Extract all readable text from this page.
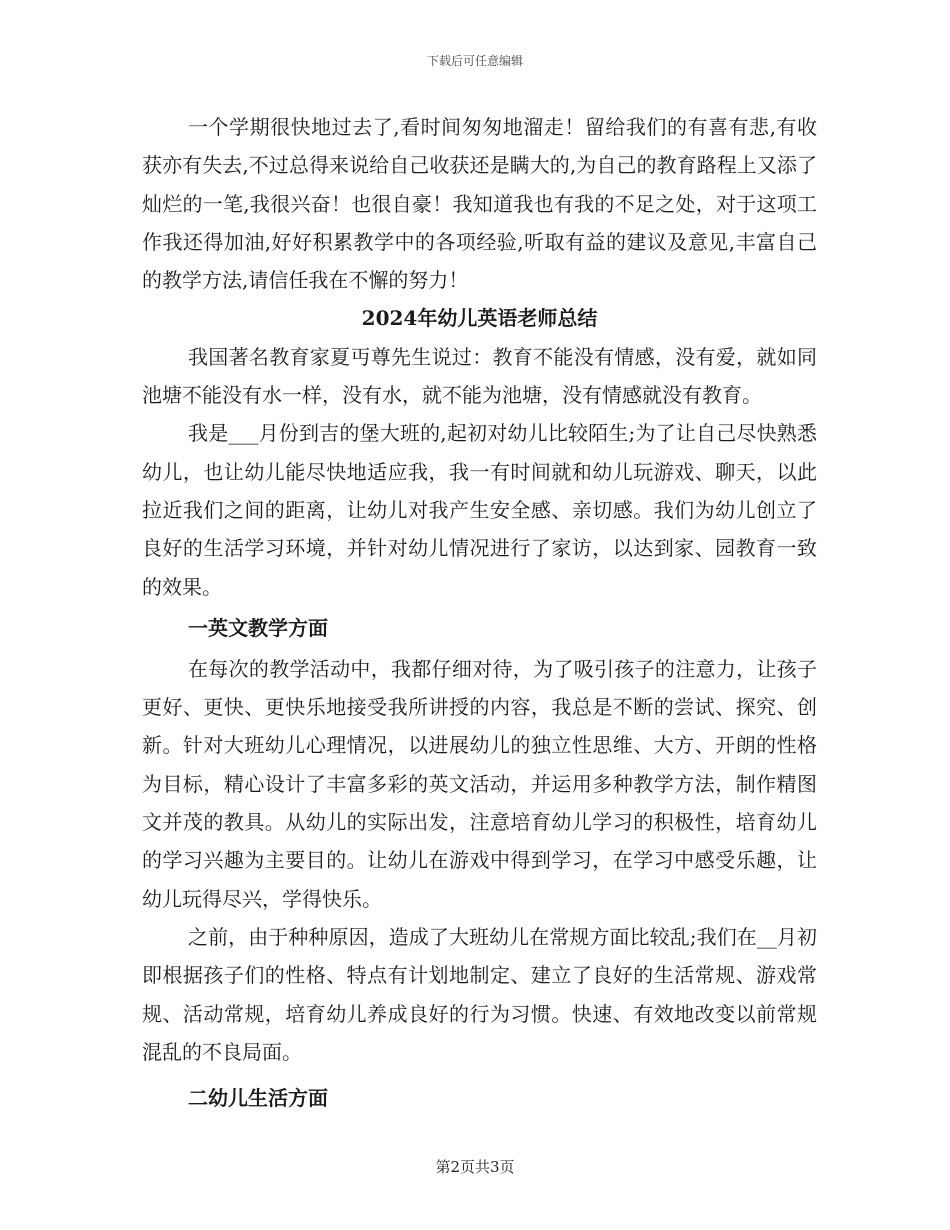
下载后可任意编辑

一个学期很快地过去了,看时间匆匆地溜走！留给我们的有喜有悲,有收获亦有失去,不过总得来说给自己收获还是瞒大的,为自己的教育路程上又添了灿烂的一笔,我很兴奋！也很自豪！我知道我也有我的不足之处，对于这项工作我还得加油,好好积累教学中的各项经验,听取有益的建议及意见,丰富自己的教学方法,请信任我在不懈的努力！

2024年幼儿英语老师总结

我国著名教育家夏丏尊先生说过：教育不能没有情感，没有爱，就如同池塘不能没有水一样，没有水，就不能为池塘，没有情感就没有教育。

我是___月份到吉的堡大班的,起初对幼儿比较陌生;为了让自己尽快熟悉幼儿，也让幼儿能尽快地适应我，我一有时间就和幼儿玩游戏、聊天，以此拉近我们之间的距离，让幼儿对我产生安全感、亲切感。我们为幼儿创立了良好的生活学习环境，并针对幼儿情况进行了家访，以达到家、园教育一致的效果。

一英文教学方面

在每次的教学活动中，我都仔细对待，为了吸引孩子的注意力，让孩子更好、更快、更快乐地接受我所讲授的内容，我总是不断的尝试、探究、创新。针对大班幼儿心理情况，以进展幼儿的独立性思维、大方、开朗的性格为目标，精心设计了丰富多彩的英文活动，并运用多种教学方法，制作精图文并茂的教具。从幼儿的实际出发，注意培育幼儿学习的积极性，培育幼儿的学习兴趣为主要目的。让幼儿在游戏中得到学习，在学习中感受乐趣，让幼儿玩得尽兴，学得快乐。

之前，由于种种原因，造成了大班幼儿在常规方面比较乱;我们在__月初即根据孩子们的性格、特点有计划地制定、建立了良好的生活常规、游戏常规、活动常规，培育幼儿养成良好的行为习惯。快速、有效地改变以前常规混乱的不良局面。

二幼儿生活方面

第2页共3页
